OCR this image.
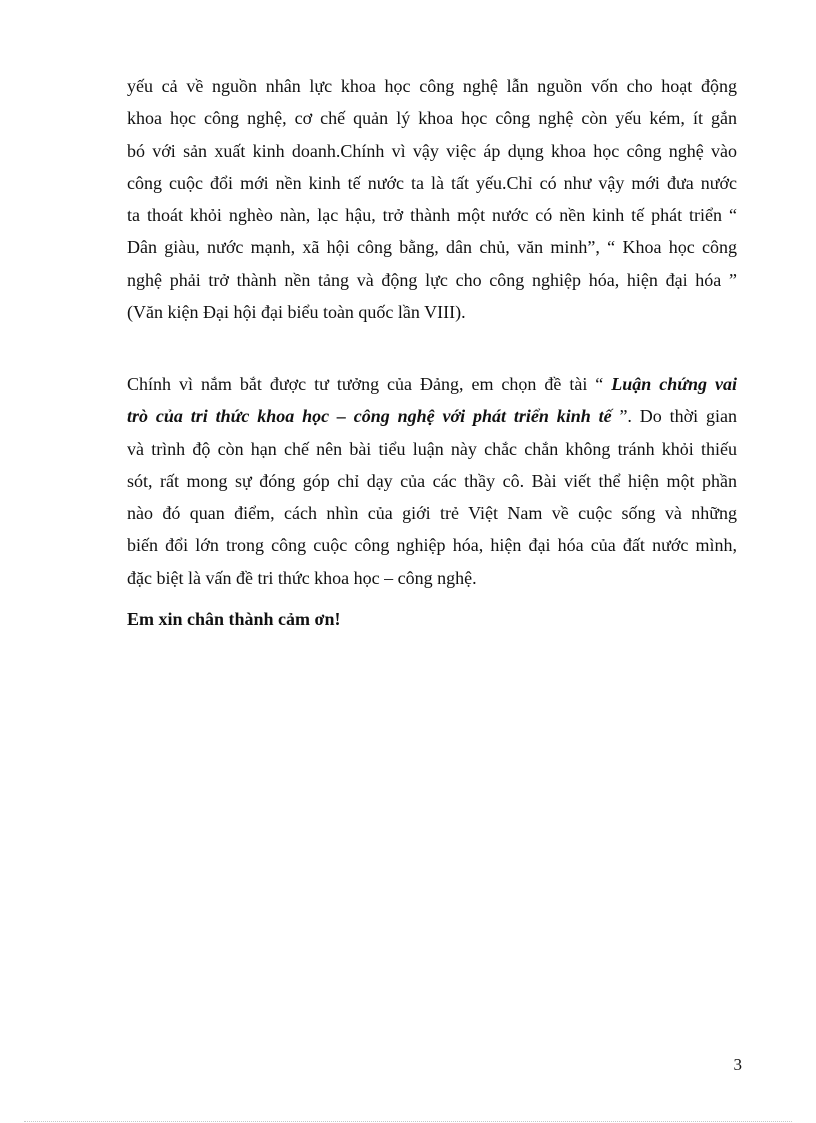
yếu cả về nguồn nhân lực khoa học công nghệ lẫn nguồn vốn cho hoạt động
khoa học công nghệ, cơ chế quản lý khoa học công nghệ còn yếu kém, ít gắn
bó với sản xuất kinh doanh.Chính vì vậy việc áp dụng khoa học công nghệ vào
công cuộc đổi mới nền kinh tế nước ta là tất yếu.Chỉ có như vậy mới đưa nước
ta thoát khỏi nghèo nàn, lạc hậu, trở thành một nước có nền kinh tế phát triển “
Dân giàu, nước mạnh, xã hội công bằng, dân chủ, văn minh”, “ Khoa học công
nghệ phải trở thành nền tảng và động lực cho công nghiệp hóa, hiện đại hóa ”
(Văn kiện Đại hội đại biểu toàn quốc lần VIII).
Chính vì nắm bắt được tư tưởng của Đảng, em chọn đề tài “ Luận chứng vai
trò của tri thức khoa học – công nghệ với phát triển kinh tế ”. Do thời gian
và trình độ còn hạn chế nên bài tiểu luận này chắc chắn không tránh khỏi thiếu
sót, rất mong sự đóng góp chỉ dạy của các thầy cô. Bài viết thể hiện một phần
nào đó quan điểm, cách nhìn của giới trẻ Việt Nam về cuộc sống và những
biến đổi lớn trong công cuộc công nghiệp hóa, hiện đại hóa của đất nước mình,
đặc biệt là vấn đề tri thức khoa học – công nghệ.
Em xin chân thành cảm ơn!
3
